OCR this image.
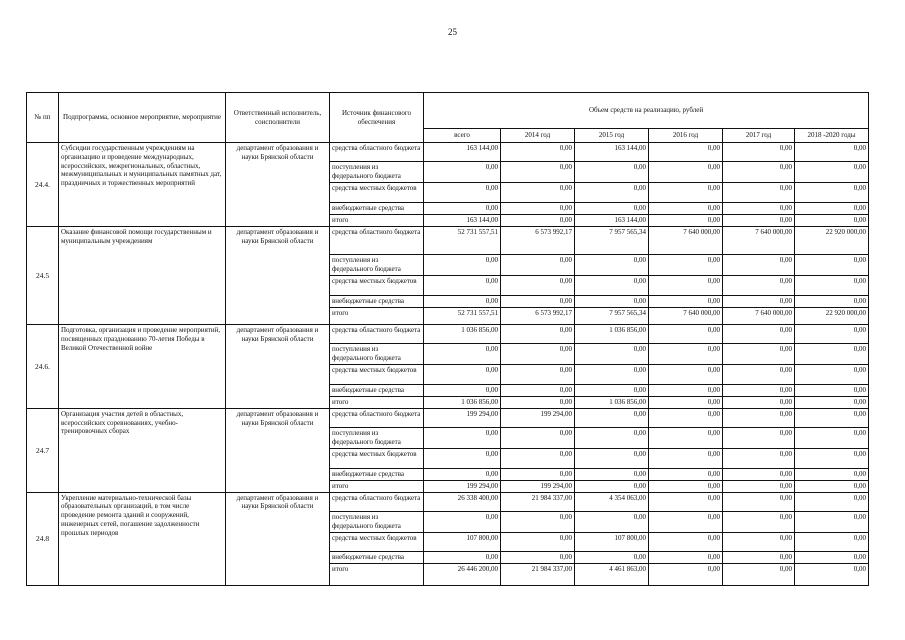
25
№ пп	Подпрограмма, основное мероприятие, мероприятие	Ответственный исполнитель, соисполнители	Источник финансового обеспечения	Объем средств на реализацию, рублей					
				всего	2014 год	2015 год	2016 год	2017 год	2018 -2020 годы
24.4.	Субсидии государственным учреждениям на организацию и проведение международных, всероссийских, межрегиональных, областных, межмуниципальных и муниципальных памятных дат, праздничных и торжественных мероприятий	департамент образования и науки Брянской области	средства областного бюджета	163 144,00	0,00	163 144,00	0,00	0,00	0,00
			поступления из федерального бюджета	0,00	0,00	0,00	0,00	0,00	0,00
			средства местных бюджетов	0,00	0,00	0,00	0,00	0,00	0,00
			внебюджетные средства	0,00	0,00	0,00	0,00	0,00	0,00
			итого	163 144,00	0,00	163 144,00	0,00	0,00	0,00
24.5	Оказание финансовой помощи государственным и муниципальным учреждениям	департамент образования и науки Брянской области	средства областного бюджета	52 731 557,51	6 573 992,17	7 957 565,34	7 640 000,00	7 640 000,00	22 920 000,00
			поступления из федерального бюджета	0,00	0,00	0,00	0,00	0,00	0,00
			средства местных бюджетов	0,00	0,00	0,00	0,00	0,00	0,00
			внебюджетные средства	0,00	0,00	0,00	0,00	0,00	0,00
			итого	52 731 557,51	6 573 992,17	7 957 565,34	7 640 000,00	7 640 000,00	22 920 000,00
24.6.	Подготовка, организация и проведение мероприятий, посвященных празднованию 70-летия Победы в Великой Отечественной войне	департамент образования и науки Брянской области	средства областного бюджета	1 036 856,00	0,00	1 036 856,00	0,00	0,00	0,00
			поступления из федерального бюджета	0,00	0,00	0,00	0,00	0,00	0,00
			средства местных бюджетов	0,00	0,00	0,00	0,00	0,00	0,00
			внебюджетные средства	0,00	0,00	0,00	0,00	0,00	0,00
			итого	1 036 856,00	0,00	1 036 856,00	0,00	0,00	0,00
24.7	Организация участия детей в областных, всероссийских соревнованиях, учебно-тренировочных сборах	департамент образования и науки Брянской области	средства областного бюджета	199 294,00	199 294,00	0,00	0,00	0,00	0,00
			поступления из федерального бюджета	0,00	0,00	0,00	0,00	0,00	0,00
			средства местных бюджетов	0,00	0,00	0,00	0,00	0,00	0,00
			внебюджетные средства	0,00	0,00	0,00	0,00	0,00	0,00
			итого	199 294,00	199 294,00	0,00	0,00	0,00	0,00
24.8	Укрепление материально-технической базы образовательных организаций, в том числе проведение ремонта зданий и сооружений, инженерных сетей, погашение задолженности прошлых периодов	департамент образования и науки Брянской области	средства областного бюджета	26 338 400,00	21 984 337,00	4 354 063,00	0,00	0,00	0,00
			поступления из федерального бюджета	0,00	0,00	0,00	0,00	0,00	0,00
			средства местных бюджетов	107 800,00	0,00	107 800,00	0,00	0,00	0,00
			внебюджетные средства	0,00	0,00	0,00	0,00	0,00	0,00
			итого	26 446 200,00	21 984 337,00	4 461 863,00	0,00	0,00	0,00
